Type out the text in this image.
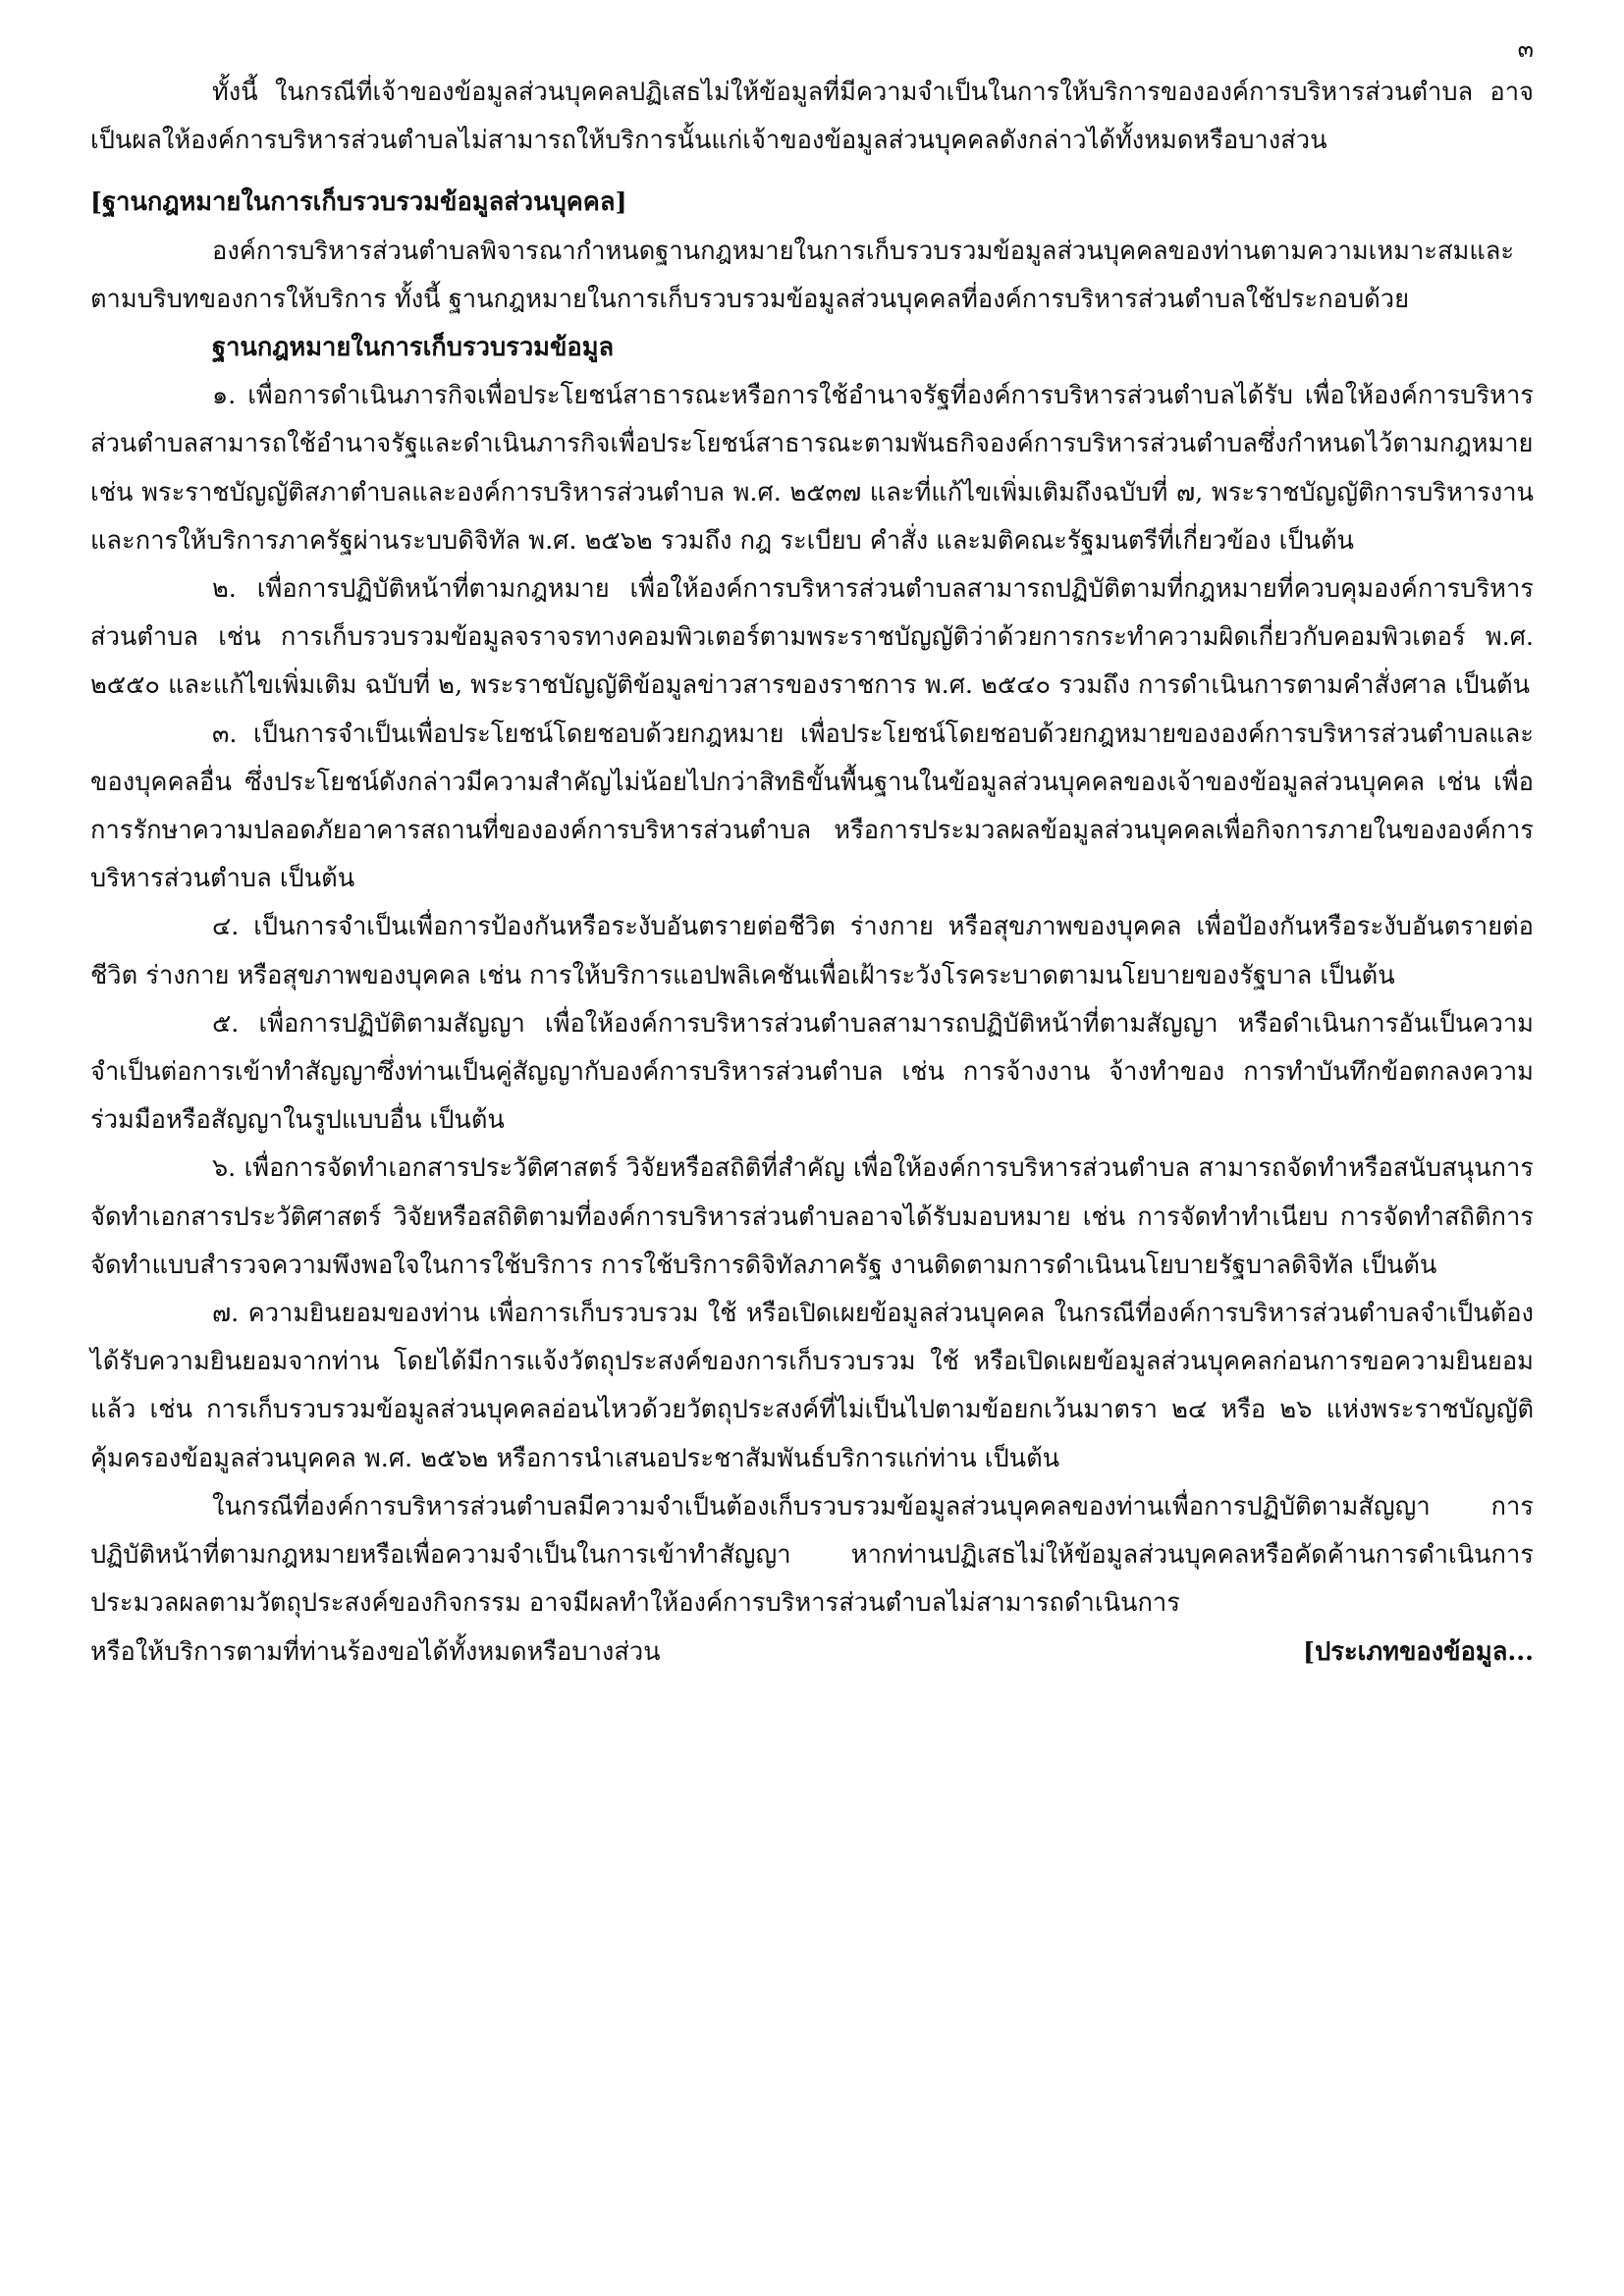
๓

ทั้งนี้ ในกรณีที่เจ้าของข้อมูลส่วนบุคคลปฏิเสธไม่ให้ข้อมูลที่มีความจำเป็นในการให้บริการขององค์การบริหารส่วนตำบล อาจเป็นผลให้องค์การบริหารส่วนตำบลไม่สามารถให้บริการนั้นแก่เจ้าของข้อมูลส่วนบุคคลดังกล่าวได้ทั้งหมดหรือบางส่วน

[ฐานกฎหมายในการเก็บรวบรวมข้อมูลส่วนบุคคล]

องค์การบริหารส่วนตำบลพิจารณากำหนดฐานกฎหมายในการเก็บรวบรวมข้อมูลส่วนบุคคลของท่านตามความเหมาะสมและตามบริบทของการให้บริการ ทั้งนี้ ฐานกฎหมายในการเก็บรวบรวมข้อมูลส่วนบุคคลที่องค์การบริหารส่วนตำบลใช้ประกอบด้วย

ฐานกฎหมายในการเก็บรวบรวมข้อมูล

๑. เพื่อการดำเนินภารกิจเพื่อประโยชน์สาธารณะหรือการใช้อำนาจรัฐที่องค์การบริหารส่วนตำบลได้รับ เพื่อให้องค์การบริหารส่วนตำบลสามารถใช้อำนาจรัฐและดำเนินภารกิจเพื่อประโยชน์สาธารณะตามพันธกิจองค์การบริหารส่วนตำบลซึ่งกำหนดไว้ตามกฎหมาย เช่น พระราชบัญญัติสภาตำบลและองค์การบริหารส่วนตำบล พ.ศ. ๒๕๓๗ และที่แก้ไขเพิ่มเติมถึงฉบับที่ ๗, พระราชบัญญัติการบริหารงานและการให้บริการภาครัฐผ่านระบบดิจิทัล พ.ศ. ๒๕๖๒ รวมถึง กฎ ระเบียบ คำสั่ง และมติคณะรัฐมนตรีที่เกี่ยวข้อง เป็นต้น

๒. เพื่อการปฏิบัติหน้าที่ตามกฎหมาย เพื่อให้องค์การบริหารส่วนตำบลสามารถปฏิบัติตามที่กฎหมายที่ควบคุมองค์การบริหารส่วนตำบล เช่น การเก็บรวบรวมข้อมูลจราจรทางคอมพิวเตอร์ตามพระราชบัญญัติว่าด้วยการกระทำความผิดเกี่ยวกับคอมพิวเตอร์ พ.ศ. ๒๕๕๐ และแก้ไขเพิ่มเติม ฉบับที่ ๒, พระราชบัญญัติข้อมูลข่าวสารของราชการ พ.ศ. ๒๕๔๐ รวมถึง การดำเนินการตามคำสั่งศาล เป็นต้น

๓. เป็นการจำเป็นเพื่อประโยชน์โดยชอบด้วยกฎหมาย เพื่อประโยชน์โดยชอบด้วยกฎหมายขององค์การบริหารส่วนตำบลและของบุคคลอื่น ซึ่งประโยชน์ดังกล่าวมีความสำคัญไม่น้อยไปกว่าสิทธิขั้นพื้นฐานในข้อมูลส่วนบุคคลของเจ้าของข้อมูลส่วนบุคคล เช่น เพื่อการรักษาความปลอดภัยอาคารสถานที่ขององค์การบริหารส่วนตำบล หรือการประมวลผลข้อมูลส่วนบุคคลเพื่อกิจการภายในขององค์การบริหารส่วนตำบล เป็นต้น

๔. เป็นการจำเป็นเพื่อการป้องกันหรือระงับอันตรายต่อชีวิต ร่างกาย หรือสุขภาพของบุคคล เพื่อป้องกันหรือระงับอันตรายต่อชีวิต ร่างกาย หรือสุขภาพของบุคคล เช่น การให้บริการแอปพลิเคชันเพื่อเฝ้าระวังโรคระบาดตามนโยบายของรัฐบาล เป็นต้น

๕. เพื่อการปฏิบัติตามสัญญา เพื่อให้องค์การบริหารส่วนตำบลสามารถปฏิบัติหน้าที่ตามสัญญา หรือดำเนินการอันเป็นความจำเป็นต่อการเข้าทำสัญญาซึ่งท่านเป็นคู่สัญญากับองค์การบริหารส่วนตำบล เช่น การจ้างงาน จ้างทำของ การทำบันทึกข้อตกลงความร่วมมือหรือสัญญาในรูปแบบอื่น เป็นต้น

๖. เพื่อการจัดทำเอกสารประวัติศาสตร์ วิจัยหรือสถิติที่สำคัญ เพื่อให้องค์การบริหารส่วนตำบล สามารถจัดทำหรือสนับสนุนการจัดทำเอกสารประวัติศาสตร์ วิจัยหรือสถิติตามที่องค์การบริหารส่วนตำบลอาจได้รับมอบหมาย เช่น การจัดทำทำเนียบ การจัดทำสถิติการจัดทำแบบสำรวจความพึงพอใจในการใช้บริการ การใช้บริการดิจิทัลภาครัฐ งานติดตามการดำเนินนโยบายรัฐบาลดิจิทัล เป็นต้น

๗. ความยินยอมของท่าน เพื่อการเก็บรวบรวม ใช้ หรือเปิดเผยข้อมูลส่วนบุคคล ในกรณีที่องค์การบริหารส่วนตำบลจำเป็นต้องได้รับความยินยอมจากท่าน โดยได้มีการแจ้งวัตถุประสงค์ของการเก็บรวบรวม ใช้ หรือเปิดเผยข้อมูลส่วนบุคคลก่อนการขอความยินยอมแล้ว เช่น การเก็บรวบรวมข้อมูลส่วนบุคคลอ่อนไหวด้วยวัตถุประสงค์ที่ไม่เป็นไปตามข้อยกเว้นมาตรา ๒๔ หรือ ๒๖ แห่งพระราชบัญญัติคุ้มครองข้อมูลส่วนบุคคล พ.ศ. ๒๕๖๒ หรือการนำเสนอประชาสัมพันธ์บริการแก่ท่าน เป็นต้น

ในกรณีที่องค์การบริหารส่วนตำบลมีความจำเป็นต้องเก็บรวบรวมข้อมูลส่วนบุคคลของท่านเพื่อการปฏิบัติตามสัญญา การปฏิบัติหน้าที่ตามกฎหมายหรือเพื่อความจำเป็นในการเข้าทำสัญญา หากท่านปฏิเสธไม่ให้ข้อมูลส่วนบุคคลหรือคัดค้านการดำเนินการประมวลผลตามวัตถุประสงค์ของกิจกรรม อาจมีผลทำให้องค์การบริหารส่วนตำบลไม่สามารถดำเนินการ

หรือให้บริการตามที่ท่านร้องขอได้ทั้งหมดหรือบางส่วน	[ประเภทของข้อมูล...
